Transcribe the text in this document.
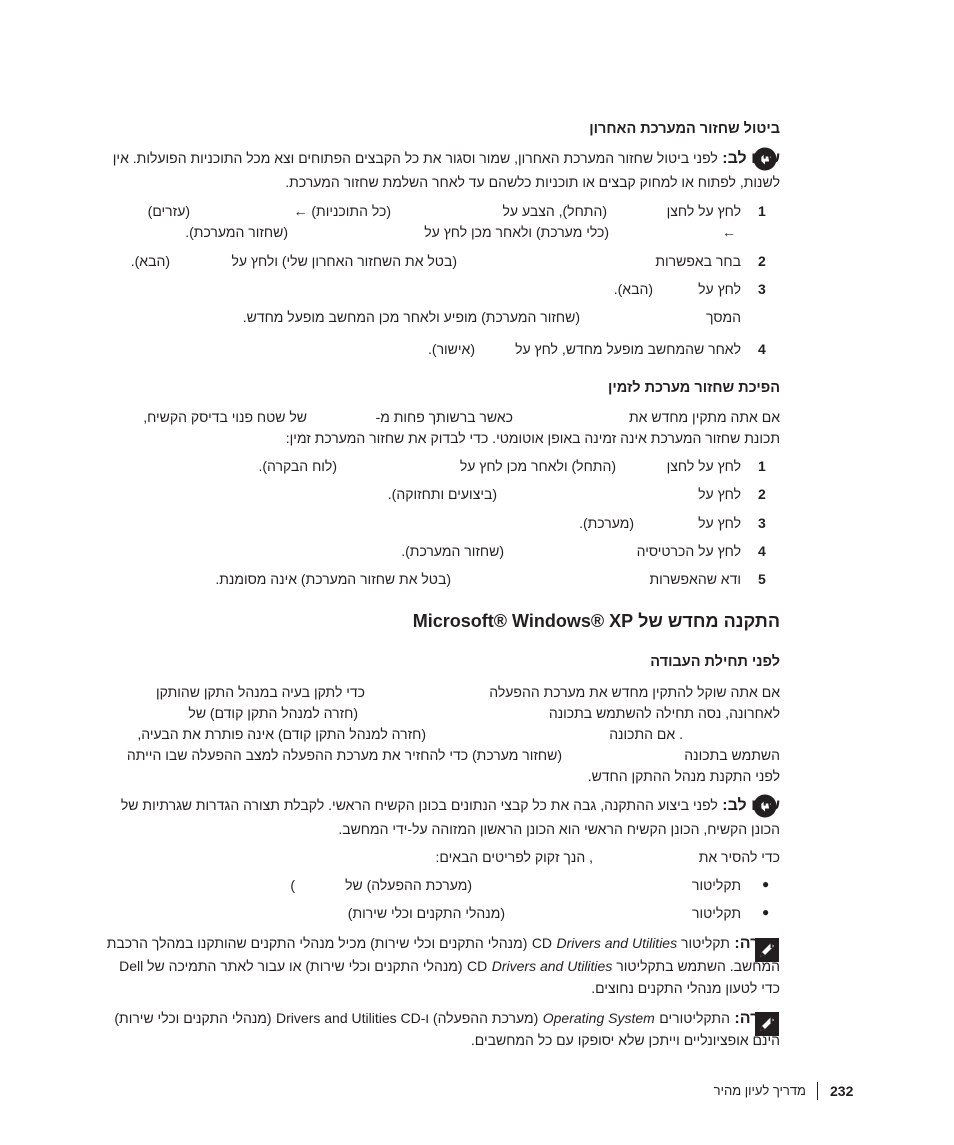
ביטול שחזור המערכת האחרון
שים לב: לפני ביטול שחזור המערכת האחרון, שמור וסגור את כל הקבצים הפתוחים וצא מכל התוכניות הפועלות. אין
לשנות, לפתוח או למחוק קבצים או תוכניות כלשהם עד לאחר השלמת שחזור המערכת.
1
לחץ על לחצן
(התחל), הצבע על
(כל התוכניות) ←
(עזרים)
←
(כלי מערכת) ולאחר מכן לחץ על
(שחזור המערכת).
2
בחר באפשרות
(בטל את השחזור האחרון שלי) ולחץ על
(הבא).
3
לחץ על
(הבא).
המסך
(שחזור המערכת) מופיע ולאחר מכן המחשב מופעל מחדש.
4
לאחר שהמחשב מופעל מחדש, לחץ על
(אישור).
הפיכת שחזור מערכת לזמין
אם אתה מתקין מחדש את
כאשר ברשותך פחות מ-
של שטח פנוי בדיסק הקשיח,
תכונת שחזור המערכת אינה זמינה באופן אוטומטי. כדי לבדוק את שחזור המערכת זמין:
1
לחץ על לחצן
(התחל) ולאחר מכן לחץ על
(לוח הבקרה).
2
לחץ על
(ביצועים ותחזוקה).
3
לחץ על
(מערכת).
4
לחץ על הכרטיסיה
(שחזור המערכת).
5
ודא שהאפשרות
(בטל את שחזור המערכת) אינה מסומנת.
התקנה מחדש של Microsoft® Windows® XP
לפני תחילת העבודה
אם אתה שוקל להתקין מחדש את מערכת ההפעלה
כדי לתקן בעיה במנהל התקן שהותקן
לאחרונה, נסה תחילה להשתמש בתכונה
(חזרה למנהל התקן קודם) של
. אם התכונה
(חזרה למנהל התקן קודם) אינה פותרת את הבעיה,
השתמש בתכונה
(שחזור מערכת) כדי להחזיר את מערכת ההפעלה למצב ההפעלה שבו הייתה
לפני התקנת מנהל ההתקן החדש.
שים לב: לפני ביצוע ההתקנה, גבה את כל קבצי הנתונים בכונן הקשיח הראשי. לקבלת תצורה הגדרות שגרתיות של
הכונן הקשיח, הכונן הקשיח הראשי הוא הכונן הראשון המזוהה על-ידי המחשב.
כדי להסיר את
, הנך זקוק לפריטים הבאים:
●
תקליטור
(מערכת ההפעלה) של
)
●
תקליטור
(מנהלי התקנים וכלי שירות)
הערה: תקליטור CD Drivers and Utilities (מנהלי התקנים וכלי שירות) מכיל מנהלי התקנים שהותקנו במהלך הרכבת
המחשב. השתמש בתקליטור CD Drivers and Utilities (מנהלי התקנים וכלי שירות) או עבור לאתר התמיכה של Dell
כדי לטעון מנהלי התקנים נחוצים.
הערה: התקליטורים Operating System (מערכת ההפעלה) ו-Drivers and Utilities CD (מנהלי התקנים וכלי שירות)
הינם אופציונליים וייתכן שלא יסופקו עם כל המחשבים.
232
מדריך לעיון מהיר
